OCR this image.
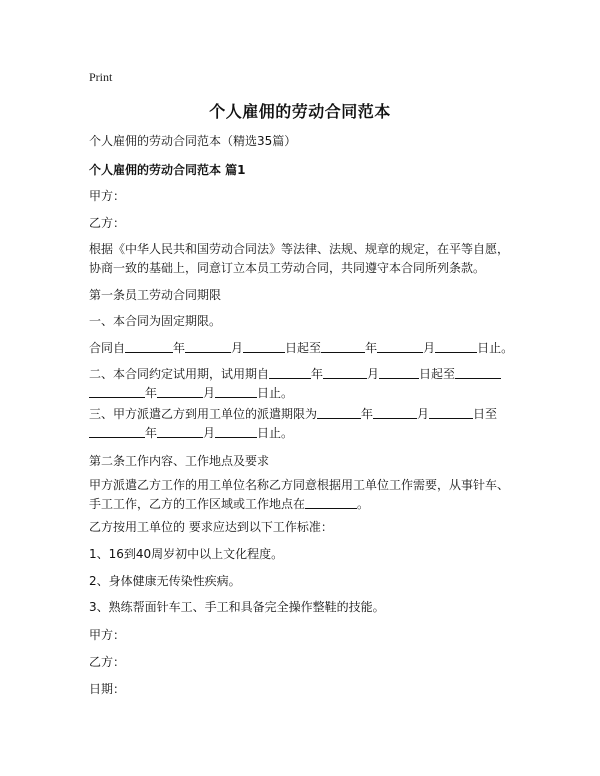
Print
个人雇佣的劳动合同范本
个人雇佣的劳动合同范本（精选35篇）
个人雇佣的劳动合同范本 篇1
甲方：
乙方：
根据《中华人民共和国劳动合同法》等法律、法规、规章的规定，在平等自愿，协商一致的基础上，同意订立本员工劳动合同，共同遵守本合同所列条款。
第一条员工劳动合同期限
一、本合同为固定期限。
合同自	年	月	日起至	年	月	日止。
二、本合同约定试用期，试用期自	年	月	日起至
年	月	日止。
三、甲方派遣乙方到用工单位的派遣期限为	年	月	日至
年	月	日止。
第二条工作内容、工作地点及要求
甲方派遣乙方工作的用工单位名称乙方同意根据用工单位工作需要，从事针车、手工工作，乙方的工作区域或工作地点在	。
乙方按用工单位的 要求应达到以下工作标准：
1、16到40周岁初中以上文化程度。
2、身体健康无传染性疾病。
3、熟练帮面针车工、手工和具备完全操作整鞋的技能。
甲方：
乙方：
日期：
